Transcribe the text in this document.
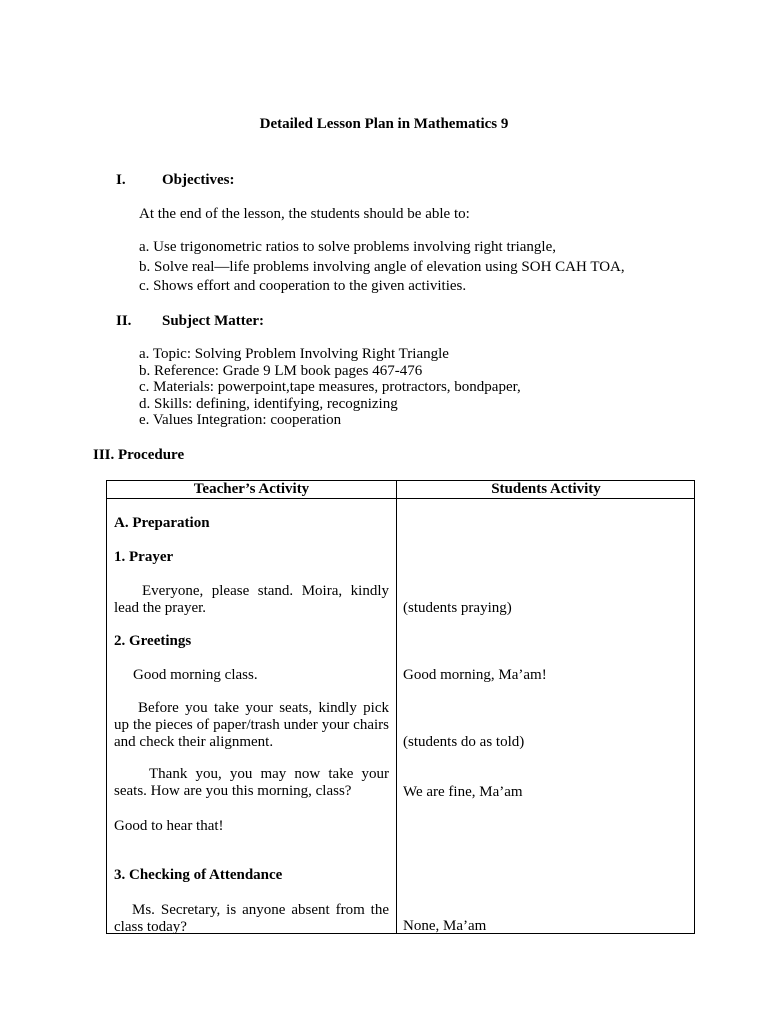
Detailed Lesson Plan in Mathematics 9
I. Objectives:
At the end of the lesson, the students should be able to:
a. Use trigonometric ratios to solve problems involving right triangle,
b. Solve real—life problems involving angle of elevation using SOH CAH TOA,
c. Shows effort and cooperation to the given activities.
II. Subject Matter:
a. Topic: Solving Problem Involving Right Triangle
b. Reference: Grade 9 LM book pages 467-476
c. Materials: powerpoint,tape measures, protractors, bondpaper,
d. Skills: defining, identifying, recognizing
e. Values Integration: cooperation
III. Procedure
Teacher’s Activity	Students Activity
A. Preparation
1. Prayer
Everyone, please stand. Moira, kindly lead the prayer.
2. Greetings
Good morning class.
Before you take your seats, kindly pick up the pieces of paper/trash under your chairs and check their alignment.
Thank you, you may now take your seats. How are you this morning, class?
Good to hear that!
3. Checking of Attendance
Ms. Secretary, is anyone absent from the class today?
(students praying)
Good morning, Ma’am!
(students do as told)
We are fine, Ma’am
None, Ma’am
